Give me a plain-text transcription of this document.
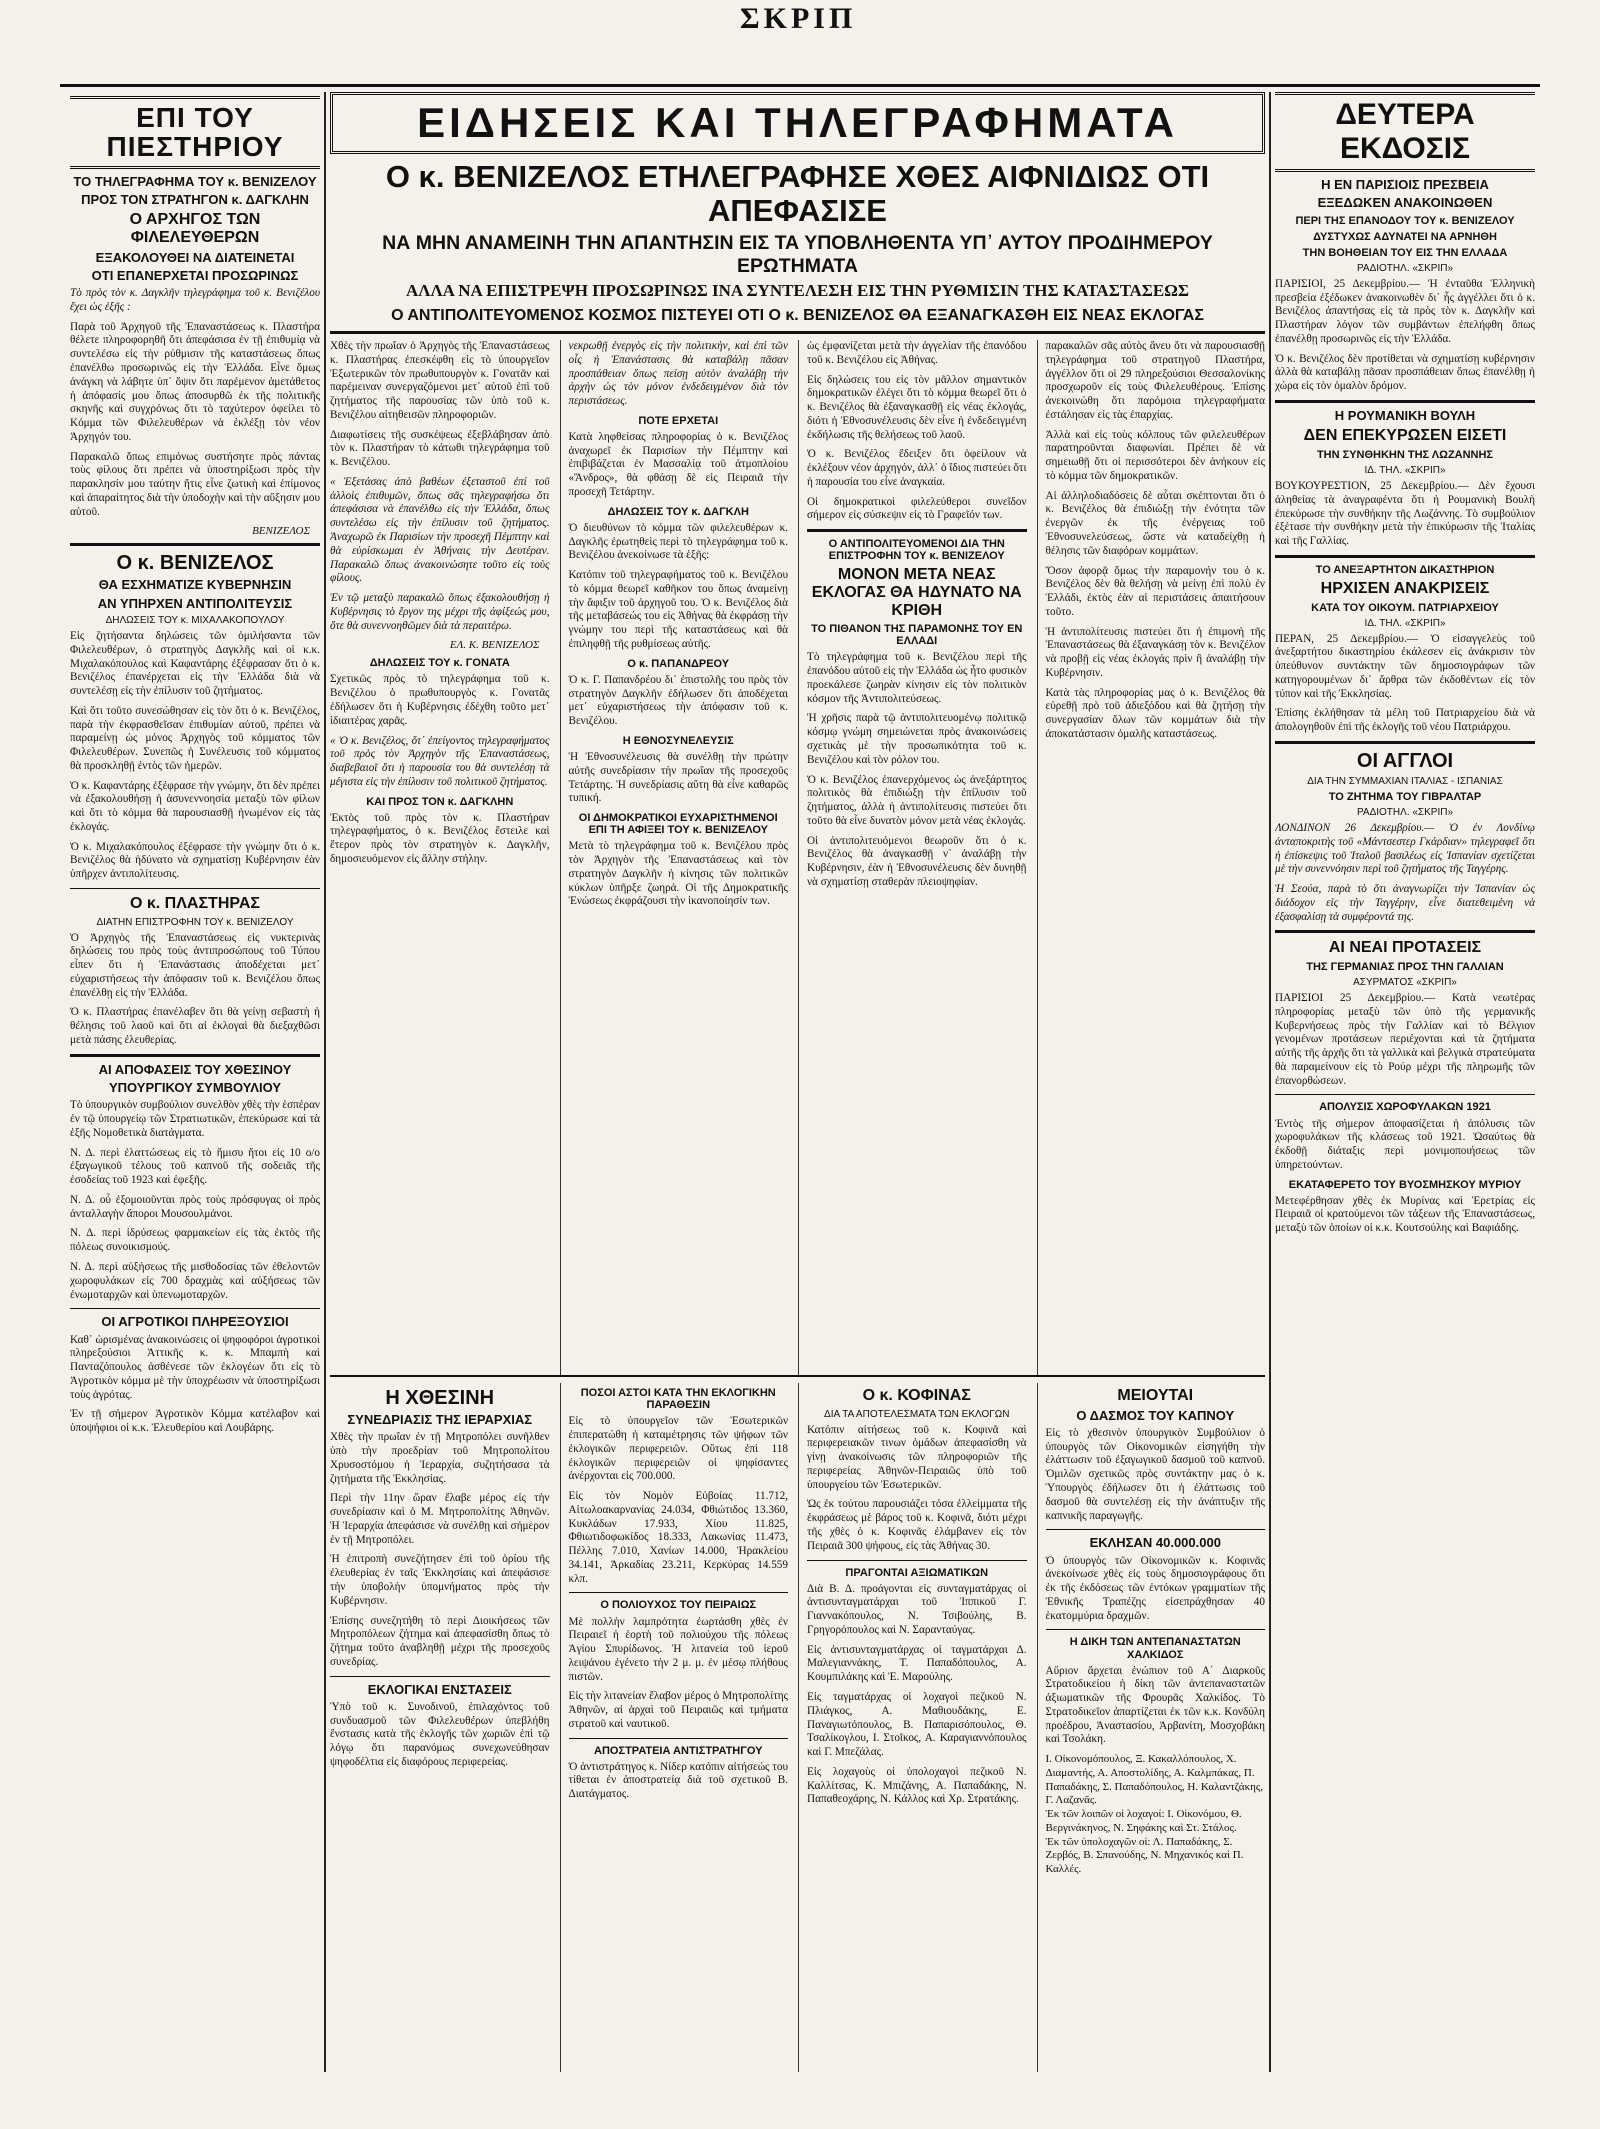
ΣΚΡΙΠ
ΕΠΙ ΤΟΥ ΠΙΕΣΤΗΡΙΟΥ
ΤΟ ΤΗΛΕΓΡΑΦΗΜΑ ΤΟΥ κ. ΒΕΝΙΖΕΛΟΥ
ΠΡΟΣ ΤΟΝ ΣΤΡΑΤΗΓΟΝ κ. ΔΑΓΚΛΗΝ
Ο ΑΡΧΗΓΟΣ ΤΩΝ ΦΙΛΕΛΕΥΘΕΡΩΝ
ΕΞΑΚΟΛΟΥΘΕΙ ΝΑ ΔΙΑΤΕΙΝΕΤΑΙ
ΟΤΙ ΕΠΑΝΕΡΧΕΤΑΙ ΠΡΟΣΩΡΙΝΩΣ

Τὸ πρὸς τὸν κ. Δαγκλῆν τηλεγράφημα τοῦ κ. Βενιζέλου ἔχει ὡς ἑξῆς :

Παρὰ τοῦ Ἀρχηγοῦ τῆς Ἐπαναστάσεως κ. Πλαστήρα θέλετε πληροφορηθῆ ὅτι ἀπεφάσισα ἐν τῇ ἐπιθυμίᾳ νὰ συντελέσω εἰς τὴν ρύθμισιν τῆς καταστάσεως ὅπως ἐπανέλθω προσωρινῶς εἰς τὴν Ἑλλάδα. Εἶνε ὅμως ἀνάγκη νὰ λάβητε ὑπ᾽ ὄψιν ὅτι παρέμενον ἀμετάθετος ἡ ἀπόφασίς μου ὅπως ἀποσυρθῶ ἐκ τῆς πολιτικῆς σκηνῆς καὶ συγχρόνως ὅτι τὸ ταχύτερον ὀφείλει τὸ Κόμμα τῶν Φιλελευθέρων νὰ ἐκλέξῃ τὸν νέον Ἀρχηγόν του.

Παρακαλῶ ὅπως επιμόνως συστήσητε πρὸς πάντας τοὺς φίλους ὅτι πρέπει νὰ ὑποστηρίξωσι πρὸς τὴν παρακλησίν μου ταύτην ἥτις εἶνε ζωτικὴ καὶ ἐπίμονος καὶ ἀπαραίτητος διὰ τὴν ὑποδοχὴν καὶ τὴν αὔξησιν μου αὐτοῦ.

ΒΕΝΙΖΕΛΟΣ
Ο κ. ΒΕΝΙΖΕΛΟΣ
ΘΑ ΕΣΧΗΜΑΤΙΖΕ ΚΥΒΕΡΝΗΣΙΝ
ΑΝ ΥΠΗΡΧΕΝ ΑΝΤΙΠΟΛΙΤΕΥΣΙΣ
ΔΗΛΩΣΕΙΣ ΤΟΥ κ. ΜΙΧΑΛΑΚΟΠΟΥΛΟΥ

Εἰς ζητήσαντα δηλώσεις τῶν ὁμιλήσαντα τῶν Φιλελευθέρων, ὁ στρατηγὸς Δαγκλῆς καὶ οἱ κ.κ. Μιχαλακόπουλος καὶ Καφαντάρης ἐξέφρασαν ὅτι ὁ κ. Βενιζέλος ἐπανέρχεται εἰς τὴν Ἑλλάδα διὰ νὰ συντελέσῃ εἰς τὴν ἐπίλυσιν τοῦ ζητήματος.

Καὶ ὅτι τοῦτο συνεσώθησαν εἰς τὸν ὅτι ὁ κ. Βενιζέλος, παρὰ τὴν ἐκφρασθεῖσαν ἐπιθυμίαν αὐτοῦ, πρέπει νὰ παραμείνῃ ὡς μόνος Ἀρχηγὸς τοῦ κόμματος τῶν Φιλελευθέρων. Συνεπῶς ἡ Συνέλευσις τοῦ κόμματος θὰ προσκληθῇ ἐντὸς τῶν ἡμερῶν.

Ὁ κ. Καφαντάρης ἐξέφρασε τὴν γνώμην, ὅτι δὲν πρέπει νὰ ἐξακολουθήσῃ ἡ ἀσυνεννοησία μεταξὺ τῶν φίλων καὶ ὅτι τὸ κόμμα θὰ παρουσιασθῇ ἡνωμένον εἰς τὰς ἐκλογάς.

Ὁ κ. Μιχαλακόπουλος ἐξέφρασε τὴν γνώμην ὅτι ὁ κ. Βενιζέλος θὰ ἠδύνατο νὰ σχηματίσῃ Κυβέρνησιν ἐὰν ὑπῆρχεν ἀντιπολίτευσις.

Ο κ. ΠΛΑΣΤΗΡΑΣ
ΔΙΑΤΗΝ ΕΠΙΣΤΡΟΦΗΝ ΤΟΥ κ. ΒΕΝΙΖΕΛΟΥ

Ὁ Ἀρχηγὸς τῆς Ἐπαναστάσεως εἰς νυκτερινὰς δηλώσεις του πρὸς τοὺς ἀντιπροσώπους τοῦ Τύπου εἶπεν ὅτι ἡ Ἐπανάστασις ἀποδέχεται μετ᾽ εὐχαριστήσεως τὴν ἀπόφασιν τοῦ κ. Βενιζέλου ὅπως ἐπανέλθῃ εἰς τὴν Ἑλλάδα.

Ὁ κ. Πλαστήρας ἐπανέλαβεν ὅτι θὰ γείνῃ σεβαστὴ ἡ θέλησις τοῦ λαοῦ καὶ ὅτι αἱ ἐκλογαὶ θὰ διεξαχθῶσι μετὰ πάσης ἐλευθερίας.

ΑΙ ΑΠΟΦΑΣΕΙΣ ΤΟΥ ΧΘΕΣΙΝΟΥ
ΥΠΟΥΡΓΙΚΟΥ ΣΥΜΒΟΥΛΙΟΥ

Τὸ ὑπουργικὸν συμβούλιον συνελθὸν χθὲς τὴν ἑσπέραν ἐν τῷ ὑπουργείῳ τῶν Στρατιωτικῶν, ἐπεκύρωσε καὶ τὰ ἑξῆς Νομοθετικὰ διατάγματα.

Ν. Δ. περὶ ἐλαττώσεως εἰς τὸ ἥμισυ ἤτοι εἰς 10 ο/ο ἐξαγωγικοῦ τέλους τοῦ καπνοῦ τῆς σοδειᾶς τῆς ἐσοδείας τοῦ 1923 καὶ ἐφεξῆς.

Ν. Δ. οὗ ἐξομοιοῦνται πρὸς τοὺς πρόσφυγας οἱ πρὸς ἀνταλλαγὴν ἄποροι Μουσουλμάνοι.

Ν. Δ. περὶ ἱδρύσεως φαρμακείων εἰς τὰς ἐκτὸς τῆς πόλεως συνοικισμούς.

Ν. Δ. περὶ αὐξήσεως τῆς μισθοδοσίας τῶν ἐθελοντῶν χωροφυλάκων εἰς 700 δραχμὰς καὶ αὐξήσεως τῶν ἐνωμοταρχῶν καὶ ὑπενωμοταρχῶν.

ΟΙ ΑΓΡΟΤΙΚΟΙ ΠΛΗΡΕΞΟΥΣΙΟΙ

Καθ᾽ ὡρισμένας ἀνακοινώσεις οἱ ψηφοφόροι ἀγροτικοὶ πληρεξούσιοι Ἀττικῆς κ. κ. Μπαμπὴ καὶ Πανταζόπουλος ἀσθένεσε τῶν ἐκλογέων ὅτι εἰς τὸ Ἀγροτικὸν κόμμα μὲ τὴν ὑποχρέωσιν νὰ ὑποστηρίξωσι τοὺς ἀγρότας.

Ἐν τῇ σήμερον Ἀγροτικὸν Κόμμα κατέλαβον καὶ ὑποψήφιοι οἱ κ.κ. Ἐλευθερίου καὶ Λουβάρης.

ΕΙΔΗΣΕΙΣ ΚΑΙ ΤΗΛΕΓΡΑΦΗΜΑΤΑ
Ο κ. ΒΕΝΙΖΕΛΟΣ ΕΤΗΛΕΓΡΑΦΗΣΕ ΧΘΕΣ ΑΙΦΝΙΔΙΩΣ ΟΤΙ ΑΠΕΦΑΣΙΣΕ
ΝΑ ΜΗΝ ΑΝΑΜΕΙΝΗ ΤΗΝ ΑΠΑΝΤΗΣΙΝ ΕΙΣ ΤΑ ΥΠΟΒΛΗΘΕΝΤΑ ΥΠ᾽ ΑΥΤΟΥ ΠΡΟΔΙΗΜΕΡΟΥ ΕΡΩΤΗΜΑΤΑ
ΑΛΛΑ ΝΑ ΕΠΙΣΤΡΕΨΗ ΠΡΟΣΩΡΙΝΩΣ ΙΝΑ ΣΥΝΤΕΛΕΣΗ ΕΙΣ ΤΗΝ ΡΥΘΜΙΣΙΝ ΤΗΣ ΚΑΤΑΣΤΑΣΕΩΣ
Ο ΑΝΤΙΠΟΛΙΤΕΥΟΜΕΝΟΣ ΚΟΣΜΟΣ ΠΙΣΤΕΥΕΙ ΟΤΙ Ο κ. ΒΕΝΙΖΕΛΟΣ ΘΑ ΕΞΑΝΑΓΚΑΣΘΗ ΕΙΣ ΝΕΑΣ ΕΚΛΟΓΑΣ

Χθὲς τὴν πρωΐαν ὁ Ἀρχηγὸς τῆς Ἐπαναστάσεως κ. Πλαστήρας ἐπεσκέφθη εἰς τὸ ὑπουργεῖον Ἐξωτερικῶν τὸν πρωθυπουργὸν κ. Γονατᾶν καὶ παρέμειναν συνεργαζόμενοι μετ᾽ αὐτοῦ ἐπὶ τοῦ ζητήματος τῆς παρουσίας τῶν ὑπὸ τοῦ κ. Βενιζέλου αἰτηθεισῶν πληροφοριῶν.

Διαφωτίσεις τῆς συσκέψεως ἐξεβλάβησαν ἀπὸ τὸν κ. Πλαστήραν τὸ κάτωθι τηλεγράφημα τοῦ κ. Βενιζέλου.

« Ἐξετάσας ἀπὸ βαθέων ἐξεταστοῦ ἐπί τοῦ ἀλλοὶς ἐπιθυμῶν, ὅπως σᾶς τηλεγραφήσω ὅτι ἀπεφάσισα νὰ ἐπανέλθω εἰς τὴν Ἑλλάδα, ὅπως συντελέσω εἰς τὴν ἐπίλυσιν τοῦ ζητήματος. Ἀναχωρῶ ἐκ Παρισίων τὴν προσεχῆ Πέμπτην καὶ θὰ εὑρίσκωμαι ἐν Ἀθήναις τὴν Δευτέραν. Παρακαλῶ ὅπως ἀνακοινώσητε τοῦτο εἰς τοὺς φίλους.

Ἐν τῷ μεταξὺ παρακαλῶ ὅπως ἐξακολουθήσῃ ἡ Κυβέρνησις τὸ ἔργον της μέχρι τῆς ἀφίξεώς μου, ὅτε θὰ συνεννοηθῶμεν διὰ τὰ περαιτέρω.

ΕΛ. Κ. ΒΕΝΙΖΕΛΟΣ
ΔΗΛΩΣΕΙΣ ΤΟΥ κ. ΓΟΝΑΤΑ

Σχετικῶς πρὸς τὸ τηλεγράφημα τοῦ κ. Βενιζέλου ὁ πρωθυπουργὸς κ. Γονατᾶς ἐδήλωσεν ὅτι ἡ Κυβέρνησις ἐδέχθη τοῦτο μετ᾽ ἰδιαιτέρας χαρᾶς.

« Ὁ κ. Βενιζέλος, ὅτ᾽ ἐπείγοντος τηλεγραφήματος τοῦ πρὸς τὸν Ἀρχηγὸν τῆς Ἐπαναστάσεως, διαβεβαιοῖ ὅτι ἡ παρουσία του θὰ συντελέσῃ τὰ μέγιστα εἰς τὴν ἐπίλυσιν τοῦ πολιτικοῦ ζητήματος.

ΚΑΙ ΠΡΟΣ ΤΟΝ κ. ΔΑΓΚΛΗΝ

Ἐκτὸς τοῦ πρὸς τὸν κ. Πλαστήραν τηλεγραφήματος, ὁ κ. Βενιζέλος ἔστειλε καὶ ἕτερον πρὸς τὸν στρατηγὸν κ. Δαγκλῆν, δημοσιευόμενον εἰς ἄλλην στήλην.

νεκρωθῇ ἐνεργὸς εἰς τὴν πολιτικὴν, καὶ ἐπὶ τῶν οἷς ἡ Ἐπανάστασις θὰ καταβάλῃ πᾶσαν προσπάθειαν ὅπως πείσῃ αὐτὸν ἀναλάβῃ τὴν ἀρχὴν ὡς τὸν μόνον ἐνδεδειγμένον διὰ τὸν περιστάσεως.

ΠΟΤΕ ΕΡΧΕΤΑΙ

Κατὰ ληφθείσας πληροφορίας ὁ κ. Βενιζέλος ἀναχωρεῖ ἐκ Παρισίων τὴν Πέμπτην καὶ ἐπιβιβάζεται ἐν Μασσαλίᾳ τοῦ ἀτμοπλοίου «Ἄνδρος», θὰ φθάσῃ δὲ εἰς Πειραιᾶ τὴν προσεχῆ Τετάρτην.

ΔΗΛΩΣΕΙΣ ΤΟΥ κ. ΔΑΓΚΛΗ

Ὁ διευθύνων τὸ κόμμα τῶν φιλελευθέρων κ. Δαγκλῆς ἐρωτηθεὶς περὶ τὸ τηλεγράφημα τοῦ κ. Βενιζέλου ἀνεκοίνωσε τὰ ἑξῆς:

Κατόπιν τοῦ τηλεγραφήματος τοῦ κ. Βενιζέλου τὸ κόμμα θεωρεῖ καθῆκον του ὅπως ἀναμείνῃ τὴν ἄφιξιν τοῦ ἀρχηγοῦ του. Ὁ κ. Βενιζέλος διὰ τῆς μεταβάσεώς του εἰς Ἀθήνας θὰ ἐκφράσῃ τὴν γνώμην του περὶ τῆς καταστάσεως καὶ θὰ ἐπιληφθῇ τῆς ρυθμίσεως αὐτῆς.

Ο κ. ΠΑΠΑΝΔΡΕΟΥ

Ὁ κ. Γ. Παπανδρέου δι᾽ ἐπιστολῆς του πρὸς τὸν στρατηγὸν Δαγκλῆν ἐδήλωσεν ὅτι ἀποδέχεται μετ᾽ εὐχαριστήσεως τὴν ἀπόφασιν τοῦ κ. Βενιζέλου.

Η ΕΘΝΟΣΥΝΕΛΕΥΣΙΣ

Ἡ Ἐθνοσυνέλευσις θὰ συνέλθῃ τὴν πρώτην αὐτῆς συνεδρίασιν τὴν πρωΐαν τῆς προσεχοῦς Τετάρτης. Ἡ συνεδρίασις αὕτη θὰ εἶνε καθαρῶς τυπική.

ΟΙ ΔΗΜΟΚΡΑΤΙΚΟΙ ΕΥΧΑΡΙΣΤΗΜΕΝΟΙ ΕΠΙ ΤΗ ΑΦΙΞΕΙ ΤΟΥ κ. ΒΕΝΙΖΕΛΟΥ

Μετὰ τὸ τηλεγράφημα τοῦ κ. Βενιζέλου πρὸς τὸν Ἀρχηγὸν τῆς Ἐπαναστάσεως καὶ τὸν στρατηγὸν Δαγκλῆν ἡ κίνησις τῶν πολιτικῶν κύκλων ὑπῆρξε ζωηρά. Οἱ τῆς Δημοκρατικῆς Ἑνώσεως ἐκφράζουσι τὴν ἱκανοποίησίν των.

ὡς ἐμφανίζεται μετὰ τὴν ἀγγελίαν τῆς ἐπανόδου τοῦ κ. Βενιζέλου εἰς Ἀθήνας.

Εἰς δηλώσεις του εἰς τὸν μᾶλλον σημαντικὸν δημοκρατικῶν ἐλέγει ὅτι τὸ κόμμα θεωρεῖ ὅτι ὁ κ. Βενιζέλος θὰ ἐξαναγκασθῇ εἰς νέας ἐκλογάς, διότι ἡ Ἐθνοσυνέλευσις δὲν εἶνε ἡ ἐνδεδειγμένη ἐκδήλωσις τῆς θελήσεως τοῦ λαοῦ.

Ὁ κ. Βενιζέλος ἔδειξεν ὅτι ὀφείλουν νὰ ἐκλέξουν νέον ἀρχηγόν, ἀλλ᾽ ὁ ἴδιος πιστεύει ὅτι ἡ παρουσία του εἶνε ἀναγκαία.

Οἱ δημοκρατικοὶ φιλελεύθεροι συνεῖδον σήμερον εἰς σύσκεψιν εἰς τὸ Γραφεῖόν των.

Ο ΑΝΤΙΠΟΛΙΤΕΥΟΜΕΝΟΙ ΔΙΑ ΤΗΝ ΕΠΙΣΤΡΟΦΗΝ ΤΟΥ κ. ΒΕΝΙΖΕΛΟΥ
ΜΟΝΟΝ ΜΕΤΑ ΝΕΑΣ ΕΚΛΟΓΑΣ ΘΑ ΗΔΥΝΑΤΟ ΝΑ ΚΡΙΘΗ
ΤΟ ΠΙΘΑΝΟΝ ΤΗΣ ΠΑΡΑΜΟΝΗΣ ΤΟΥ ΕΝ ΕΛΛΑΔΙ

Τὸ τηλεγράφημα τοῦ κ. Βενιζέλου περὶ τῆς ἐπανόδου αὐτοῦ εἰς τὴν Ἑλλάδα ὡς ἦτο φυσικὸν προεκάλεσε ζωηρὰν κίνησιν εἰς τὸν πολιτικὸν κόσμον τῆς Ἀντιπολιτεύσεως.

Ἡ χρῆσις παρὰ τῷ ἀντιπολιτευομένῳ πολιτικῷ κόσμῳ γνώμη σημειώνεται πρὸς ἀνακοινώσεις σχετικὰς μὲ τὴν προσωπικότητα τοῦ κ. Βενιζέλου καὶ τὸν ρόλον του.

Ὁ κ. Βενιζέλος ἐπανερχόμενος ὡς ἀνεξάρτητος πολιτικὸς θὰ ἐπιδιώξῃ τὴν ἐπίλυσιν τοῦ ζητήματος, ἀλλὰ ἡ ἀντιπολίτευσις πιστεύει ὅτι τοῦτο θὰ εἶνε δυνατὸν μόνον μετὰ νέας ἐκλογάς.

Οἱ ἀντιπολιτευόμενοι θεωροῦν ὅτι ὁ κ. Βενιζέλος θὰ ἀναγκασθῇ ν᾽ ἀναλάβῃ τὴν Κυβέρνησιν, ἐὰν ἡ Ἐθνοσυνέλευσις δὲν δυνηθῇ νὰ σχηματίσῃ σταθερὰν πλειοψηφίαν.

παρακαλῶν σᾶς αὐτὸς ἄνευ ὅτι νὰ παρουσιασθῇ τηλεγράφημα τοῦ στρατηγοῦ Πλαστήρα, ἀγγέλλον ὅτι οἱ 29 πληρεξούσιοι Θεσσαλονίκης προσχωροῦν εἰς τοὺς Φιλελευθέρους. Ἐπίσης ἀνεκοινώθη ὅτι παρόμοια τηλεγραφήματα ἐστάλησαν εἰς τὰς ἐπαρχίας.

Ἀλλὰ καὶ εἰς τοὺς κόλπους τῶν φιλελευθέρων παρατηροῦνται διαφωνίαι. Πρέπει δὲ νὰ σημειωθῇ ὅτι οἱ περισσότεροι δὲν ἀνήκουν εἰς τὸ κόμμα τῶν δημοκρατικῶν.

Αἱ ἀλληλοδιαδόσεις δὲ αὗται σκέπτονται ὅτι ὁ κ. Βενιζέλος θὰ ἐπιδιώξῃ τὴν ἐνότητα τῶν ἐνεργῶν ἐκ τῆς ἐνέργειας τοῦ Ἐθνοσυνελεύσεως, ὥστε νὰ καταδείχθῃ ἡ θέλησις τῶν διαφόρων κομμάτων.

Ὅσον ἀφορᾷ ὅμως τὴν παραμονήν του ὁ κ. Βενιζέλος δὲν θὰ θελήσῃ νὰ μείνῃ ἐπὶ πολὺ ἐν Ἑλλάδι, ἐκτὸς ἐὰν αἱ περιστάσεις ἀπαιτήσουν τοῦτο.

Ἡ ἀντιπολίτευσις πιστεύει ὅτι ἡ ἐπιμονὴ τῆς Ἐπαναστάσεως θὰ ἐξαναγκάσῃ τὸν κ. Βενιζέλον νὰ προβῇ εἰς νέας ἐκλογάς πρὶν ἢ ἀναλάβῃ τὴν Κυβέρνησιν.

Κατὰ τὰς πληροφορίας μας ὁ κ. Βενιζέλος θὰ εὑρεθῇ πρὸ τοῦ ἀδιεξόδου καὶ θὰ ζητήσῃ τὴν συνεργασίαν ὅλων τῶν κομμάτων διὰ τὴν ἀποκατάστασιν ὁμαλῆς καταστάσεως.

Η ΧΘΕΣΙΝΗ
ΣΥΝΕΔΡΙΑΣΙΣ ΤΗΣ ΙΕΡΑΡΧΙΑΣ

Χθὲς τὴν πρωΐαν ἐν τῇ Μητροπόλει συνῆλθεν ὑπὸ τὴν προεδρίαν τοῦ Μητροπολίτου Χρυσοστόμου ἡ Ἱεραρχία, συζητήσασα τὰ ζητήματα τῆς Ἐκκλησίας.

Περὶ τὴν 11ην ὥραν ἔλαβε μέρος εἰς τὴν συνεδρίασιν καὶ ὁ Μ. Μητροπολίτης Ἀθηνῶν. Ἡ Ἱεραρχία ἀπεφάσισε νὰ συνέλθῃ καὶ σήμερον ἐν τῇ Μητροπόλει.

Ἡ ἐπιτροπὴ συνεζήτησεν ἐπὶ τοῦ ὁρίου τῆς ἐλευθερίας ἐν ταῖς Ἐκκλησίαις καὶ ἀπεφάσισε τὴν ὑποβολὴν ὑπομνήματος πρὸς τὴν Κυβέρνησιν.

Ἐπίσης συνεζητήθη τὸ περὶ Διοικήσεως τῶν Μητροπόλεων ζήτημα καὶ ἀπεφασίσθη ὅπως τὸ ζήτημα τοῦτο ἀναβληθῇ μέχρι τῆς προσεχοῦς συνεδρίας.

ΕΚΛΟΓΙΚΑΙ ΕΝΣΤΑΣΕΙΣ

Ὑπὸ τοῦ κ. Συνοδινοῦ, ἐπιλαχόντος τοῦ συνδυασμοῦ τῶν Φιλελευθέρων ὑπεβλήθη ἔνστασις κατὰ τῆς ἐκλογῆς τῶν χωριῶν ἐπὶ τῷ λόγῳ ὅτι παρανόμως συνεχωνεύθησαν ψηφοδέλτια εἰς διαφόρους περιφερείας.

ΠΟΣΟΙ ΑΣΤΟΙ ΚΑΤΑ ΤΗΝ ΕΚΛΟΓΙΚΗΝ ΠΑΡΑΘΕΣΙΝ

Εἰς τὸ ὑπουργεῖον τῶν Ἐσωτερικῶν ἐπιπερατώθη ἡ καταμέτρησις τῶν ψήφων τῶν ἐκλογικῶν περιφερειῶν. Οὕτως ἐπὶ 118 ἐκλογικῶν περιφερειῶν οἱ ψηφίσαντες ἀνέρχονται εἰς 700.000.

Εἰς τὸν Νομὸν Εὐβοίας 11.712, Αἰτωλοακαρνανίας 24.034, Φθιώτιδος 13.360, Κυκλάδων 17.933, Χίου 11.825, Φθιωτιδοφωκίδος 18.333, Λακωνίας 11.473, Πέλλης 7.010, Χανίων 14.000, Ἡρακλείου 34.141, Ἀρκαδίας 23.211, Κερκύρας 14.559 κλπ.

Ο ΠΟΛΙΟΥΧΟΣ ΤΟΥ ΠΕΙΡΑΙΩΣ

Μὲ πολλὴν λαμπρότητα ἐωρτάσθη χθὲς ἐν Πειραιεῖ ἡ ἑορτὴ τοῦ πολιούχου τῆς πόλεως Ἁγίου Σπυρίδωνος. Ἡ λιτανεία τοῦ ἱεροῦ λειψάνου ἐγένετο τὴν 2 μ. μ. ἐν μέσῳ πλήθους πιστῶν.

Εἰς τὴν λιτανείαν ἔλαβον μέρος ὁ Μητροπολίτης Ἀθηνῶν, αἱ ἀρχαὶ τοῦ Πειραιῶς καὶ τμήματα στρατοῦ καὶ ναυτικοῦ.

ΑΠΟΣΤΡΑΤΕΙΑ ΑΝΤΙΣΤΡΑΤΗΓΟΥ

Ὁ ἀντιστράτηγος κ. Νίδερ κατόπιν αἰτήσεώς του τίθεται ἐν ἀποστρατείᾳ διὰ τοῦ σχετικοῦ Β. Διατάγματος.

Ο κ. ΚΟΦΙΝΑΣ
ΔΙΑ ΤΑ ΑΠΟΤΕΛΕΣΜΑΤΑ ΤΩΝ ΕΚΛΟΓΩΝ

Κατόπιν αἰτήσεως τοῦ κ. Κοφινᾶ καὶ περιφερειακῶν τινων ὁμάδων ἀπεφασίσθη νὰ γίνῃ ἀνακοίνωσις τῶν πληροφοριῶν τῆς περιφερείας Ἀθηνῶν-Πειραιῶς ὑπὸ τοῦ ὑπουργείου τῶν Ἐσωτερικῶν.

Ὡς ἐκ τούτου παρουσιάζει τόσα ἐλλείμματα τῆς ἐκφράσεως μὲ βάρος τοῦ κ. Κοφινᾶ, διότι μέχρι τῆς χθὲς ὁ κ. Κοφινᾶς ἐλάμβανεν εἰς τὸν Πειραιᾶ 300 ψήφους, εἰς τὰς Ἀθήνας 30.

ΠΡΑΓΟΝΤΑΙ ΑΞΙΩΜΑΤΙΚΩΝ

Διὰ Β. Δ. προάγονται εἰς συνταγματάρχας οἱ ἀντισυνταγματάρχαι τοῦ Ἱππικοῦ Γ. Γιαννακόπουλος, Ν. Τσιβούλης, Β. Γρηγορόπουλος καὶ Ν. Σαρανταύγας.

Εἰς ἀντισυνταγματάρχας οἱ ταγματάρχαι Δ. Μαλεγιαννάκης, Τ. Παπαδόπουλος, Α. Κουμπιλάκης καὶ Ἐ. Μαρούλης.

Εἰς ταγματάρχας οἱ λοχαγοὶ πεζικοῦ Ν. Πλιάγκος, Α. Μαθιουδάκης, Ε. Παναγιωτόπουλος, Β. Παπαρισόπουλος, Θ. Τσαλίκογλου, Ι. Στοῖκος, Α. Καραγιαννόπουλος καὶ Γ. Μπεζάλας.

Εἰς λοχαγοὺς οἱ ὑπολοχαγοὶ πεζικοῦ Ν. Καλλίτσας, Κ. Μπιζάνης, Α. Παπαδάκης, Ν. Παπαθεοχάρης, Ν. Κάλλος καὶ Χρ. Στρατάκης.

ΜΕΙΟΥΤΑΙ
Ο ΔΑΣΜΟΣ ΤΟΥ ΚΑΠΝΟΥ

Εἰς τὸ χθεσινὸν ὑπουργικὸν Συμβούλιον ὁ ὑπουργὸς τῶν Οἰκονομικῶν εἰσηγήθη τὴν ἐλάττωσιν τοῦ ἐξαγωγικοῦ δασμοῦ τοῦ καπνοῦ. Ὁμιλῶν σχετικῶς πρὸς συντάκτην μας ὁ κ. Ὑπουργὸς ἐδήλωσεν ὅτι ἡ ἐλάττωσις τοῦ δασμοῦ θὰ συντελέσῃ εἰς τὴν ἀνάπτυξιν τῆς καπνικῆς παραγωγῆς.

ΕΚΛΗΣΑΝ 40.000.000

Ὁ ὑπουργὸς τῶν Οἰκονομικῶν κ. Κοφινᾶς ἀνεκοίνωσε χθὲς εἰς τοὺς δημοσιογράφους ὅτι ἐκ τῆς ἐκδόσεως τῶν ἐντόκων γραμματίων τῆς Ἐθνικῆς Τραπέζης εἰσεπράχθησαν 40 ἑκατομμύρια δραχμῶν.

Η ΔΙΚΗ ΤΩΝ ΑΝΤΕΠΑΝΑΣΤΑΤΩΝ ΧΑΛΚΙΔΟΣ

Αὔριον ἄρχεται ἐνώπιον τοῦ Α΄ Διαρκοῦς Στρατοδικείου ἡ δίκη τῶν ἀντεπαναστατῶν ἀξιωματικῶν τῆς Φρουρᾶς Χαλκίδος. Τὸ Στρατοδικεῖον ἀπαρτίζεται ἐκ τῶν κ.κ. Κονδύλη προέδρου, Ἀναστασίου, Ἀρβανίτη, Μοσχοβάκη καὶ Τσολάκη.

Ι. Οἰκονομόπουλος, Ξ. Κακαλλόπουλος, Χ. Διαμαντής, Α. Αποστολίδης, Α. Καλμπάκας, Π. Παπαδάκης, Σ. Παπαδόπουλος, Η. Καλαντζάκης, Γ. Λαζανᾶς.

Ἐκ τῶν λοιπῶν οἱ λοχαγοί: Ι. Οἰκονόμου, Θ. Βεργινάκηνος, Ν. Σηφάκης καὶ Στ. Στάλος.

Ἐκ τῶν ὑπολοχαγῶν οἱ: Λ. Παπαδάκης, Σ. Ζερβός, Β. Σπανούδης, Ν. Μηχανικός καὶ Π. Καλλές.

ΔΕΥΤΕΡΑ ΕΚΔΟΣΙΣ
Η ΕΝ ΠΑΡΙΣΙΟΙΣ ΠΡΕΣΒΕΙΑ
ΕΞΕΔΩΚΕΝ ΑΝΑΚΟΙΝΩΘΕΝ
ΠΕΡΙ ΤΗΣ ΕΠΑΝΟΔΟΥ ΤΟΥ κ. ΒΕΝΙΖΕΛΟΥ
ΔΥΣΤΥΧΩΣ ΑΔΥΝΑΤΕΙ ΝΑ ΑΡΝΗΘΗ
ΤΗΝ ΒΟΗΘΕΙΑΝ ΤΟΥ ΕΙΣ ΤΗΝ ΕΛΛΑΔΑ
ΡΑΔΙΟΤΗΛ. «ΣΚΡΙΠ»

ΠΑΡΙΣΙΟΙ, 25 Δεκεμβρίου.— Ἡ ἐνταῦθα Ἑλληνικὴ πρεσβεία ἐξέδωκεν ἀνακοινωθὲν δι᾽ ἧς ἀγγέλλει ὅτι ὁ κ. Βενιζέλος ἀπαντήσας εἰς τὰ πρὸς τὸν κ. Δαγκλῆν καὶ Πλαστήραν λόγον τῶν συμβάντων ἐπελήφθη ὅπως ἐπανέλθῃ προσωρινῶς εἰς τὴν Ἑλλάδα.

Ὁ κ. Βενιζέλος δὲν προτίθεται νὰ σχηματίσῃ κυβέρνησιν ἀλλὰ θὰ καταβάλῃ πᾶσαν προσπάθειαν ὅπως ἐπανέλθῃ ἡ χώρα εἰς τὸν ὁμαλὸν δρόμον.

Η ΡΟΥΜΑΝΙΚΗ ΒΟΥΛΗ
ΔΕΝ ΕΠΕΚΥΡΩΣΕΝ ΕΙΣΕΤΙ
ΤΗΝ ΣΥΝΘΗΚΗΝ ΤΗΣ ΛΩΖΑΝΝΗΣ
ΙΔ. ΤΗΛ. «ΣΚΡΙΠ»

ΒΟΥΚΟΥΡΕΣΤΙΟΝ, 25 Δεκεμβρίου.— Δὲν ἔχουσι ἀληθείας τὰ ἀναγραφέντα ὅτι ἡ Ρουμανικὴ Βουλὴ ἐπεκύρωσε τὴν συνθήκην τῆς Λωζάννης. Τὸ συμβούλιον ἐξέτασε τὴν συνθήκην μετὰ τὴν ἐπικύρωσιν τῆς Ἰταλίας καὶ τῆς Γαλλίας.

ΤΟ ΑΝΕΞΑΡΤΗΤΟΝ ΔΙΚΑΣΤΗΡΙΟΝ
ΗΡΧΙΣΕΝ ΑΝΑΚΡΙΣΕΙΣ
ΚΑΤΑ ΤΟΥ ΟΙΚΟΥΜ. ΠΑΤΡΙΑΡΧΕΙΟΥ
ΙΔ. ΤΗΛ. «ΣΚΡΙΠ»

ΠΕΡΑΝ, 25 Δεκεμβρίου.— Ὁ εἰσαγγελεὺς τοῦ ἀνεξαρτήτου δικαστηρίου ἐκάλεσεν εἰς ἀνάκρισιν τὸν ὑπεύθυνον συντάκτην τῶν δημοσιογράφων τῶν κατηγορουμένων δι᾽ ἄρθρα τῶν ἐκδοθέντων εἰς τὸν τύπον καὶ τῆς Ἐκκλησίας.

Ἐπίσης ἐκλήθησαν τὰ μέλη τοῦ Πατριαρχείου διὰ νὰ ἀπολογηθοῦν ἐπὶ τῆς ἐκλογῆς τοῦ νέου Πατριάρχου.

ΟΙ ΑΓΓΛΟΙ
ΔΙΑ ΤΗΝ ΣΥΜΜΑΧΙΑΝ ΙΤΑΛΙΑΣ - ΙΣΠΑΝΙΑΣ
ΤΟ ΖΗΤΗΜΑ ΤΟΥ ΓΙΒΡΑΛΤΑΡ
ΡΑΔΙΟΤΗΛ. «ΣΚΡΙΠ»

ΛΟΝΔΙΝΟΝ 26 Δεκεμβρίου.— Ὁ ἐν Λονδίνῳ ἀνταποκριτὴς τοῦ «Μάντσεστερ Γκάρδιαν» τηλεγραφεῖ ὅτι ἡ ἐπίσκεψις τοῦ Ἰταλοῦ βασιλέως εἰς Ἰσπανίαν σχετίζεται μὲ τὴν συνεννόησιν περὶ τοῦ ζητήματος τῆς Ταγγέρης.

Ἡ Σεούα, παρὰ τὸ ὅτι ἀναγνωρίζει τὴν Ἰσπανίαν ὡς διάδοχον εἰς τὴν Ταγγέρην, εἶνε διατεθειμένη νὰ ἐξασφαλίσῃ τὰ συμφέροντά της.

ΑΙ ΝΕΑΙ ΠΡΟΤΑΣΕΙΣ
ΤΗΣ ΓΕΡΜΑΝΙΑΣ ΠΡΟΣ ΤΗΝ ΓΑΛΛΙΑΝ
ΑΣΥΡΜΑΤΟΣ «ΣΚΡΙΠ»

ΠΑΡΙΣΙΟΙ 25 Δεκεμβρίου.— Κατὰ νεωτέρας πληροφορίας μεταξὺ τῶν ὑπὸ τῆς γερμανικῆς Κυβερνήσεως πρὸς τὴν Γαλλίαν καὶ τὸ Βέλγιον γενομένων προτάσεων περιέχονται καὶ τὰ ζητήματα αὐτῆς τῆς ἀρχῆς ὅτι τὰ γαλλικὰ καὶ βελγικὰ στρατεύματα θὰ παραμείνουν εἰς τὸ Ρούρ μέχρι τῆς πληρωμῆς τῶν ἐπανορθώσεων.

ΑΠΟΛΥΣΙΣ ΧΩΡΟΦΥΛΑΚΩΝ 1921

Ἐντὸς τῆς σήμερον ἀποφασίζεται ἡ ἀπόλυσις τῶν χωροφυλάκων τῆς κλάσεως τοῦ 1921. Ὡσαύτως θὰ ἐκδοθῇ διάταξις περὶ μονιμοποιήσεως τῶν ὑπηρετούντων.

ΕΚΑΤΑΦΕΡΕΤΟ ΤΟΥ ΒΥΟΣΜΗΣΚΟΥ ΜΥΡΙΟΥ

Μετεφέρθησαν χθὲς ἐκ Μυρίνας καὶ Ἐρετρίας εἰς Πειραιᾶ οἱ κρατούμενοι τῶν τάξεων τῆς Ἐπαναστάσεως, μεταξὺ τῶν ὁποίων οἱ κ.κ. Κουτσούλης καὶ Βαφιάδης.
